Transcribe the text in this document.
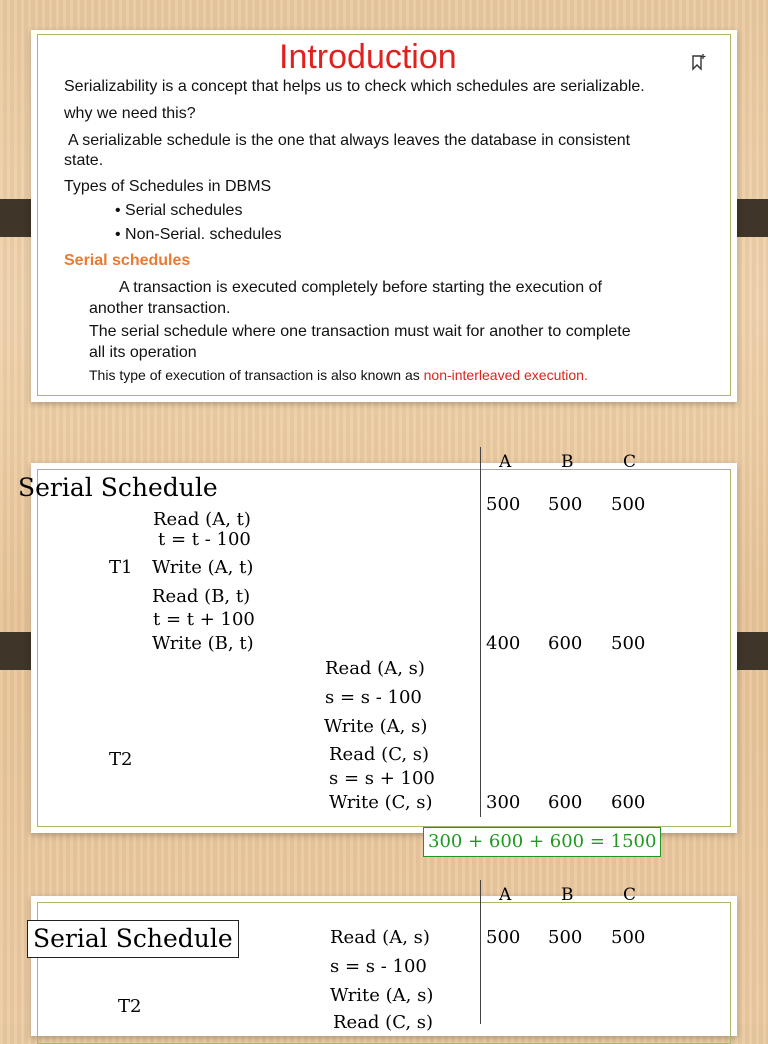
Introduction
Serializability is a concept that helps us to check which schedules are serializable.
why we need this?
A serializable schedule is the one that always leaves the database in consistent
state.
Types of Schedules in DBMS
• Serial schedules
• Non-Serial. schedules
Serial schedules
A transaction is executed completely before starting the execution of
another transaction.
The serial schedule where one transaction must wait for another to complete
all its operation
This type of execution of transaction is also known as non-interleaved execution.
A	B	C
Serial Schedule
500 500 500
Read (A, t)
t = t - 100
T1 Write (A, t)
Read (B, t)
t = t + 100
Write (B, t)	400 600 500
Read (A, s)
s = s - 100
Write (A, s)
Read (C, s)
T2
s = s + 100
Write (C, s)	300 600 600
300 + 600 + 600 = 1500
A	B	C
Serial Schedule	Read (A, s)	500 500 500
s = s - 100
Write (A, s)
T2
Read (C, s)
